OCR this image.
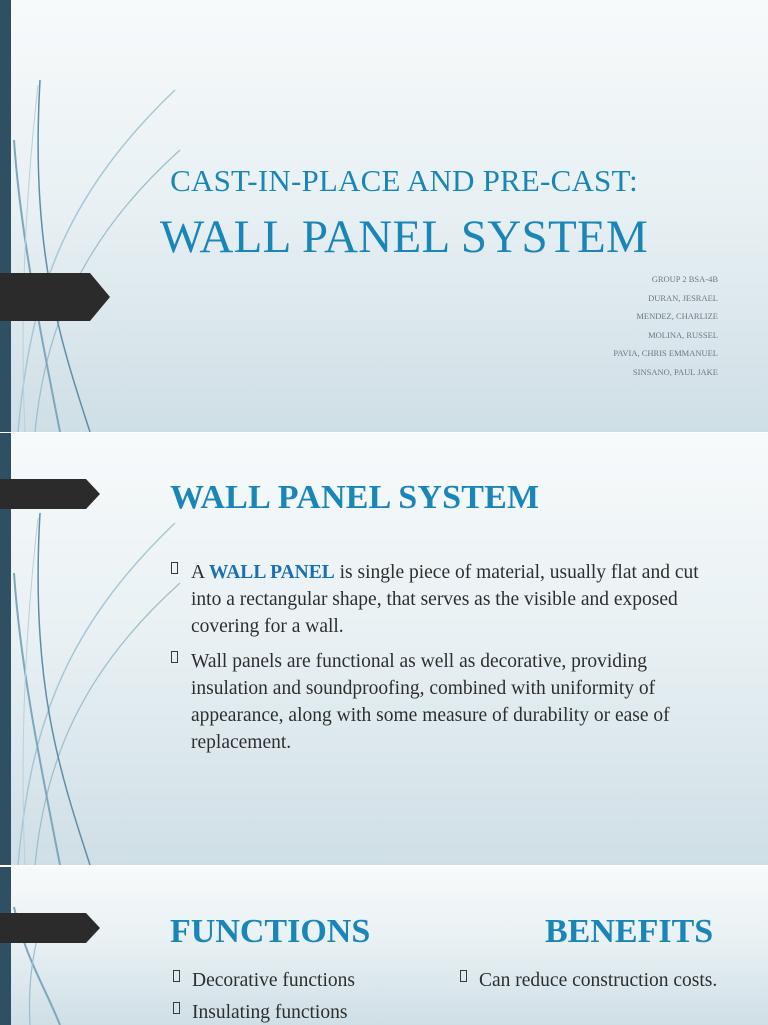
CAST-IN-PLACE AND PRE-CAST:
WALL PANEL SYSTEM
GROUP 2 BSA-4B
DURAN, JESRAEL
MENDEZ, CHARLIZE
MOLINA, RUSSEL
PAVIA, CHRIS EMMANUEL
SINSANO, PAUL JAKE
WALL PANEL SYSTEM
A WALL PANEL is single piece of material, usually flat and cut into a rectangular shape, that serves as the visible and exposed covering for a wall.
Wall panels are functional as well as decorative, providing insulation and soundproofing, combined with uniformity of appearance, along with some measure of durability or ease of replacement.
FUNCTIONS	BENEFITS
Decorative functions
Insulating functions
Can reduce construction costs.
